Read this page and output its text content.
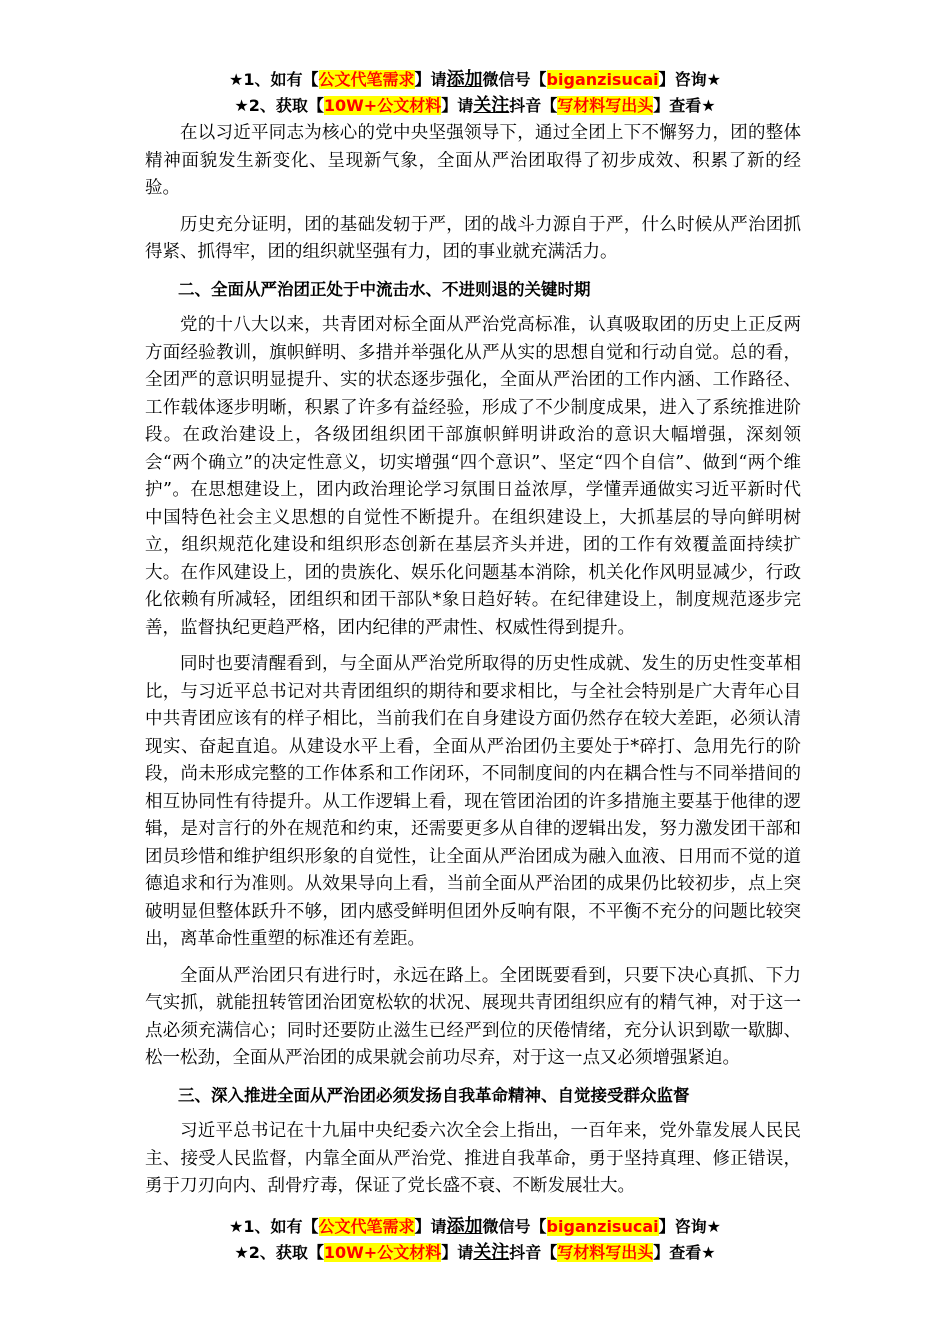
★1、如有【公文代笔需求】请添加微信号【biganzisucai】咨询★
★2、获取【10W+公文材料】请关注抖音【写材料写出头】查看★

在以习近平同志为核心的党中央坚强领导下，通过全团上下不懈努力，团的整体精神面貌发生新变化、呈现新气象，全面从严治团取得了初步成效、积累了新的经验。

历史充分证明，团的基础发轫于严，团的战斗力源自于严，什么时候从严治团抓得紧、抓得牢，团的组织就坚强有力，团的事业就充满活力。

二、全面从严治团正处于中流击水、不进则退的关键时期

党的十八大以来，共青团对标全面从严治党高标准，认真吸取团的历史上正反两方面经验教训，旗帜鲜明、多措并举强化从严从实的思想自觉和行动自觉。总的看，全团严的意识明显提升、实的状态逐步强化，全面从严治团的工作内涵、工作路径、工作载体逐步明晰，积累了许多有益经验，形成了不少制度成果，进入了系统推进阶段。在政治建设上，各级团组织团干部旗帜鲜明讲政治的意识大幅增强，深刻领会“两个确立”的决定性意义，切实增强“四个意识”、坚定“四个自信”、做到“两个维护”。在思想建设上，团内政治理论学习氛围日益浓厚，学懂弄通做实习近平新时代中国特色社会主义思想的自觉性不断提升。在组织建设上，大抓基层的导向鲜明树立，组织规范化建设和组织形态创新在基层齐头并进，团的工作有效覆盖面持续扩大。在作风建设上，团的贵族化、娱乐化问题基本消除，机关化作风明显减少，行政化依赖有所减轻，团组织和团干部队*象日趋好转。在纪律建设上，制度规范逐步完善，监督执纪更趋严格，团内纪律的严肃性、权威性得到提升。

同时也要清醒看到，与全面从严治党所取得的历史性成就、发生的历史性变革相比，与习近平总书记对共青团组织的期待和要求相比，与全社会特别是广大青年心目中共青团应该有的样子相比，当前我们在自身建设方面仍然存在较大差距，必须认清现实、奋起直追。从建设水平上看，全面从严治团仍主要处于*碎打、急用先行的阶段，尚未形成完整的工作体系和工作闭环，不同制度间的内在耦合性与不同举措间的相互协同性有待提升。从工作逻辑上看，现在管团治团的许多措施主要基于他律的逻辑，是对言行的外在规范和约束，还需要更多从自律的逻辑出发，努力激发团干部和团员珍惜和维护组织形象的自觉性，让全面从严治团成为融入血液、日用而不觉的道德追求和行为准则。从效果导向上看，当前全面从严治团的成果仍比较初步，点上突破明显但整体跃升不够，团内感受鲜明但团外反响有限，不平衡不充分的问题比较突出，离革命性重塑的标准还有差距。

全面从严治团只有进行时，永远在路上。全团既要看到，只要下决心真抓、下力气实抓，就能扭转管团治团宽松软的状况、展现共青团组织应有的精气神，对于这一点必须充满信心；同时还要防止滋生已经严到位的厌倦情绪，充分认识到歇一歇脚、松一松劲，全面从严治团的成果就会前功尽弃，对于这一点又必须增强紧迫。

三、深入推进全面从严治团必须发扬自我革命精神、自觉接受群众监督

习近平总书记在十九届中央纪委六次全会上指出，一百年来，党外靠发展人民民主、接受人民监督，内靠全面从严治党、推进自我革命，勇于坚持真理、修正错误，勇于刀刃向内、刮骨疗毒，保证了党长盛不衰、不断发展壮大。

★1、如有【公文代笔需求】请添加微信号【biganzisucai】咨询★
★2、获取【10W+公文材料】请关注抖音【写材料写出头】查看★
